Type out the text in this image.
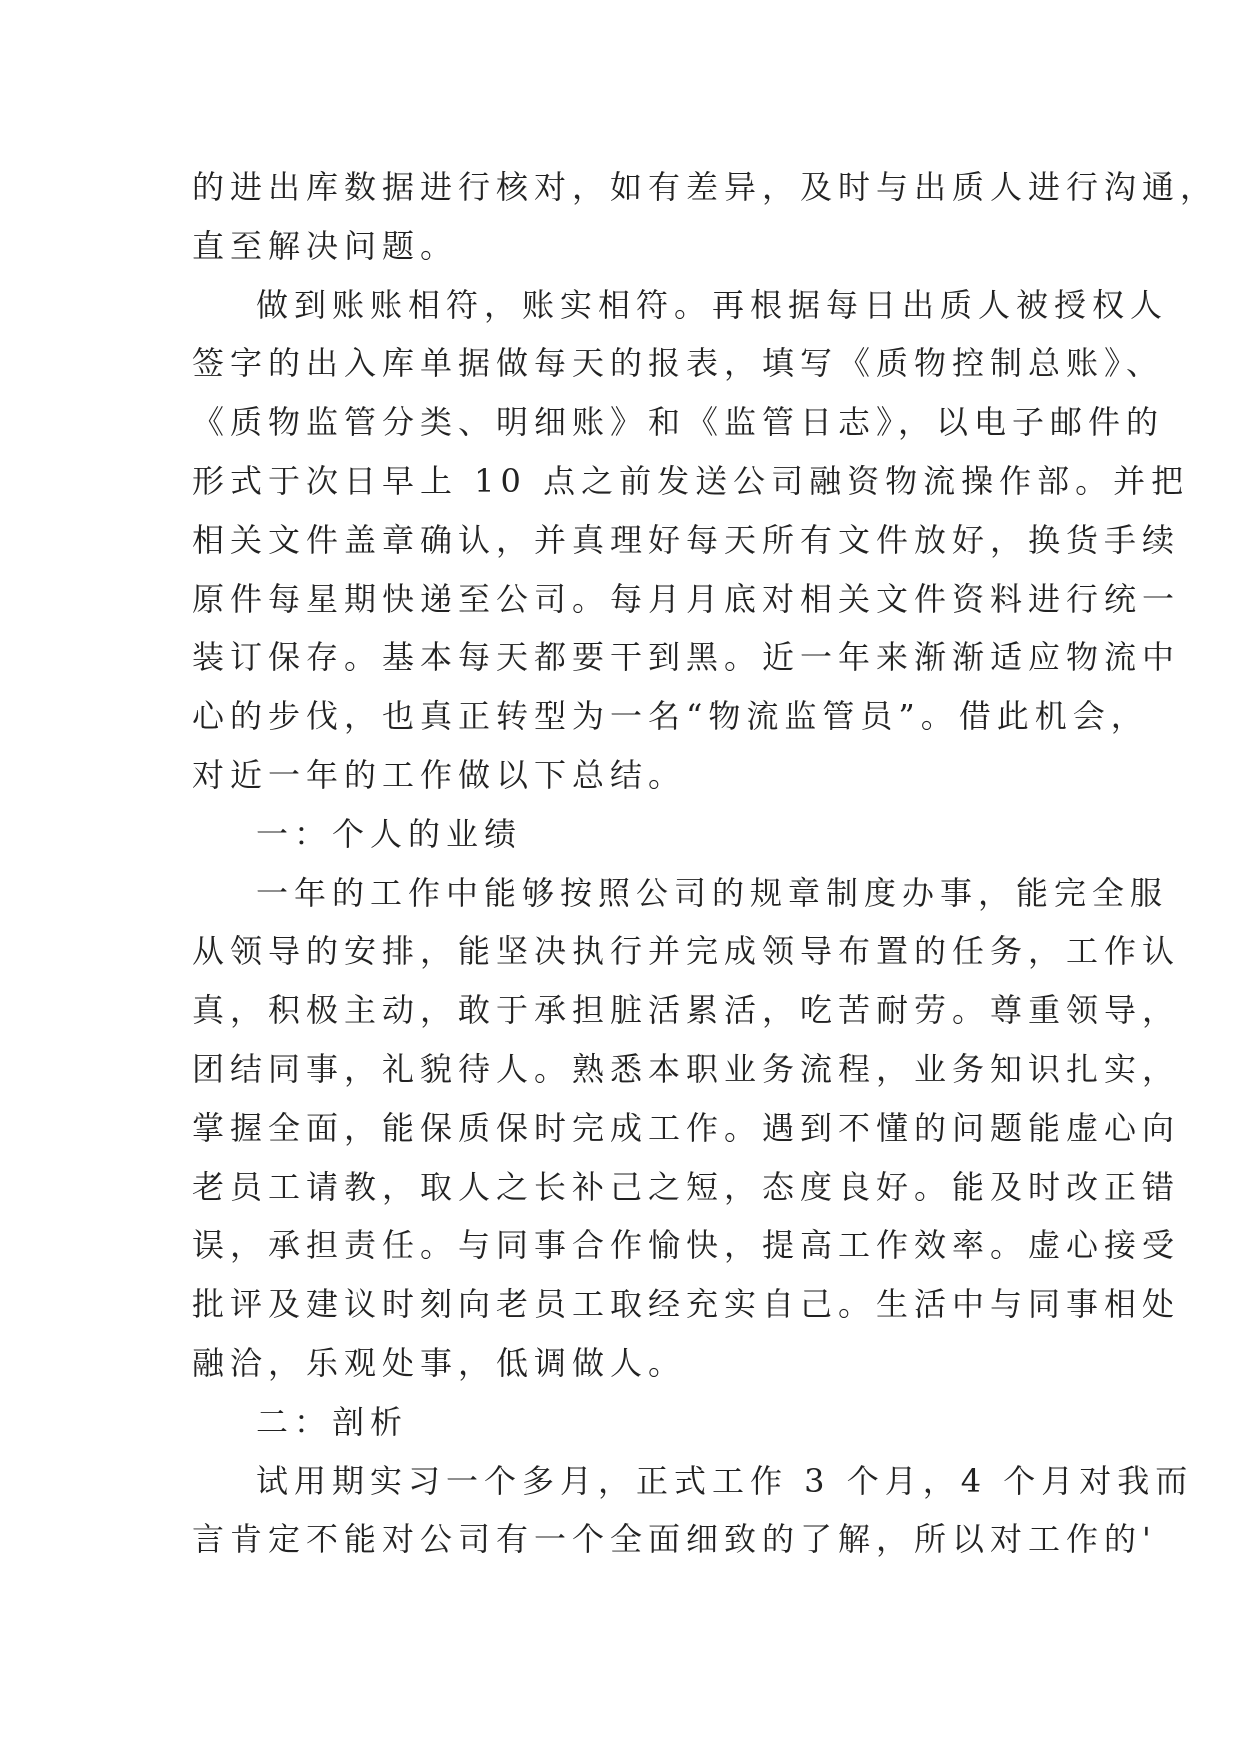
的进出库数据进行核对，如有差异，及时与出质人进行沟通，
直至解决问题。
做到账账相符，账实相符。再根据每日出质人被授权人
签字的出入库单据做每天的报表，填写《质物控制总账》、
《质物监管分类、明细账》和《监管日志》，以电子邮件的
形式于次日早上 10 点之前发送公司融资物流操作部。并把
相关文件盖章确认，并真理好每天所有文件放好，换货手续
原件每星期快递至公司。每月月底对相关文件资料进行统一
装订保存。基本每天都要干到黑。近一年来渐渐适应物流中
心的步伐，也真正转型为一名“物流监管员”。借此机会，
对近一年的工作做以下总结。
一：个人的业绩
一年的工作中能够按照公司的规章制度办事，能完全服
从领导的安排，能坚决执行并完成领导布置的任务，工作认
真，积极主动，敢于承担脏活累活，吃苦耐劳。尊重领导，
团结同事，礼貌待人。熟悉本职业务流程，业务知识扎实，
掌握全面，能保质保时完成工作。遇到不懂的问题能虚心向
老员工请教，取人之长补己之短，态度良好。能及时改正错
误，承担责任。与同事合作愉快，提高工作效率。虚心接受
批评及建议时刻向老员工取经充实自己。生活中与同事相处
融洽，乐观处事，低调做人。
二：剖析
试用期实习一个多月，正式工作 3 个月，4 个月对我而
言肯定不能对公司有一个全面细致的了解，所以对工作的'
